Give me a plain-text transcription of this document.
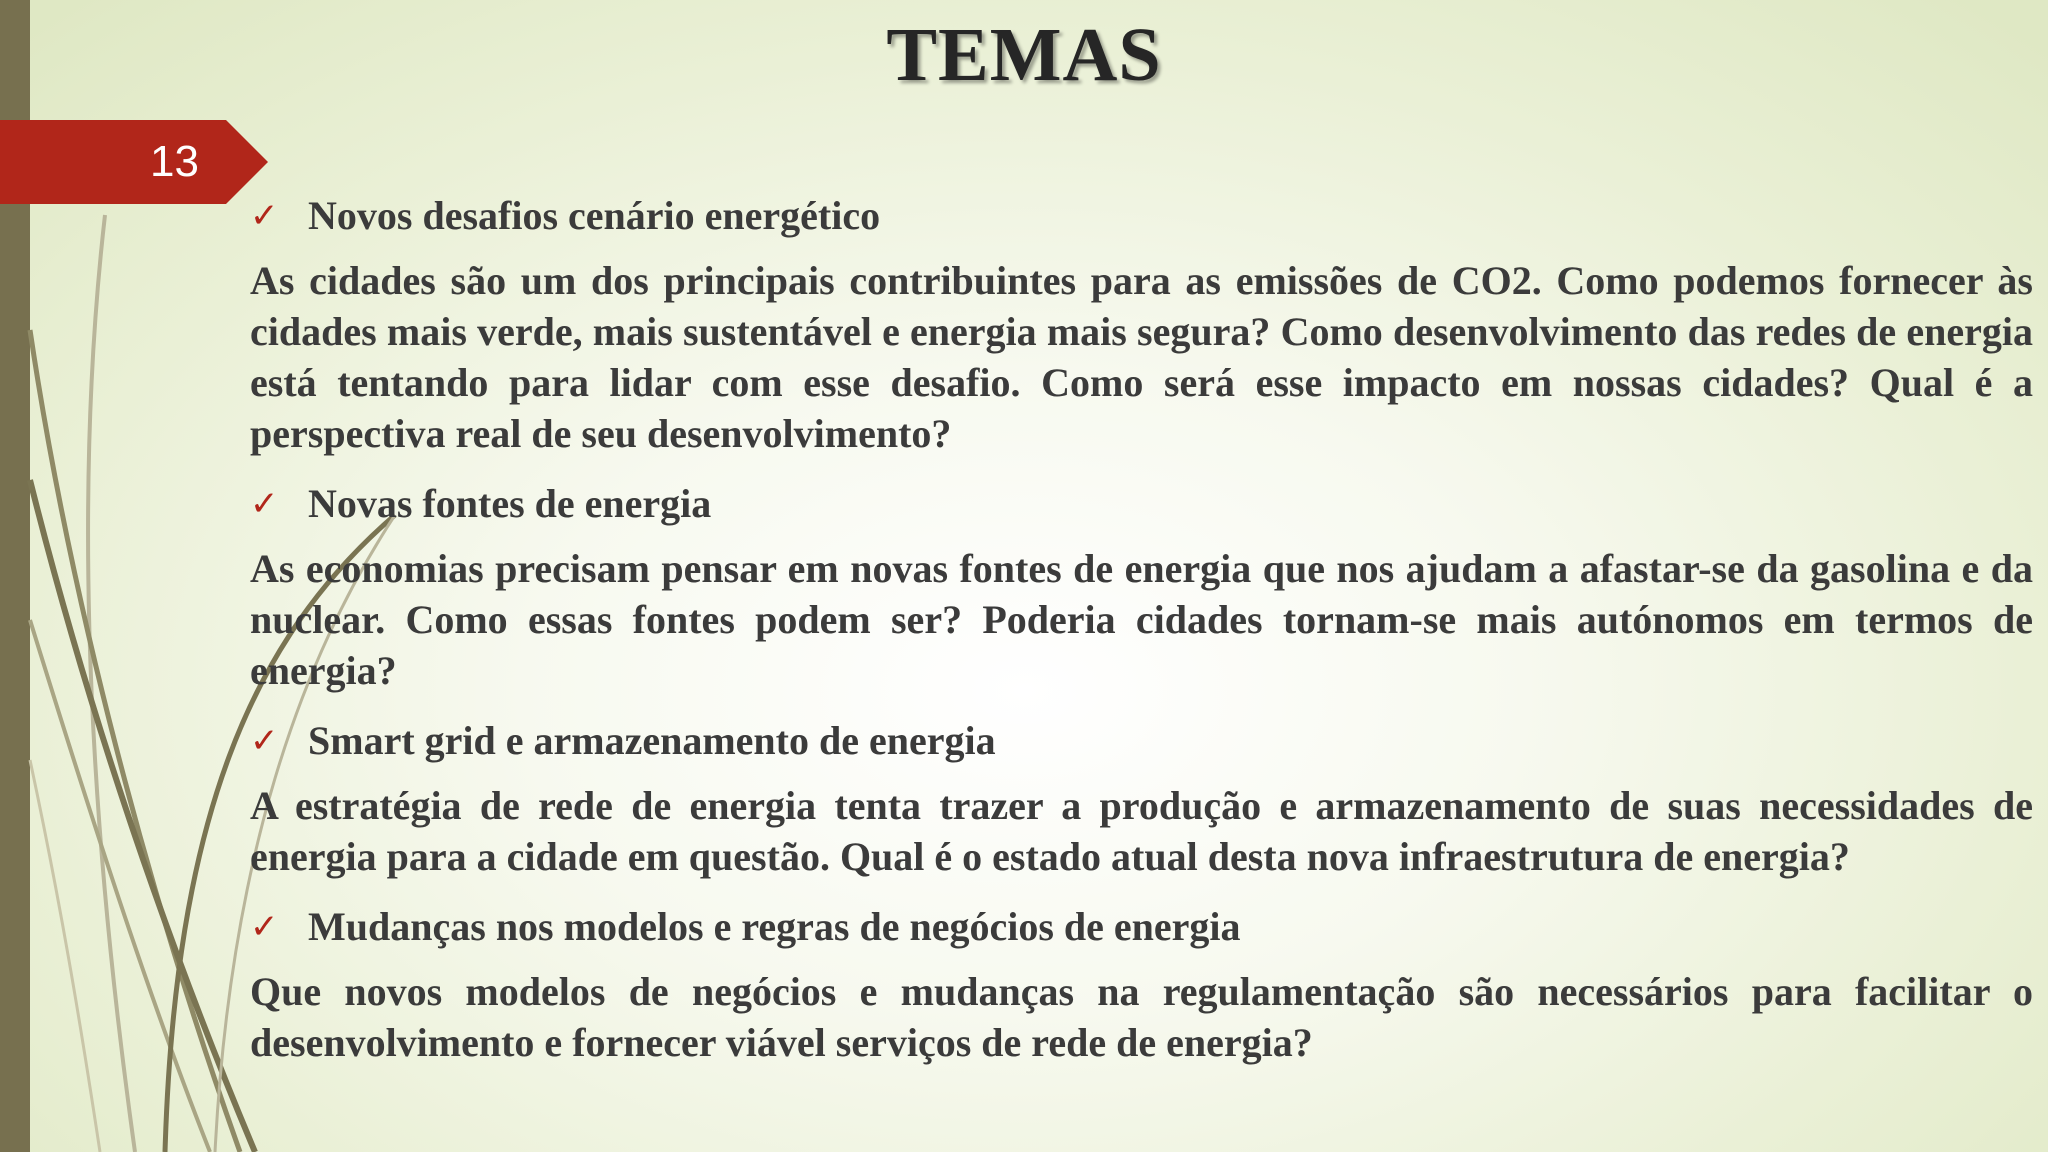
13
TEMAS
✓ Novos desafios cenário energético

As cidades são um dos principais contribuintes para as emissões de CO2. Como podemos fornecer às cidades mais verde, mais sustentável e energia mais segura? Como desenvolvimento das redes de energia está tentando para lidar com esse desafio. Como será esse impacto em nossas cidades? Qual é a perspectiva real de seu desenvolvimento?

✓ Novas fontes de energia

As economias precisam pensar em novas fontes de energia que nos ajudam a afastar-se da gasolina e da nuclear. Como essas fontes podem ser? Poderia cidades tornam-se mais autónomos em termos de energia?

✓ Smart grid e armazenamento de energia

A estratégia de rede de energia tenta trazer a produção e armazenamento de suas necessidades de energia para a cidade em questão. Qual é o estado atual desta nova infraestrutura de energia?

✓ Mudanças nos modelos e regras de negócios de energia

Que novos modelos de negócios e mudanças na regulamentação são necessários para facilitar o desenvolvimento e fornecer viável serviços de rede de energia?
